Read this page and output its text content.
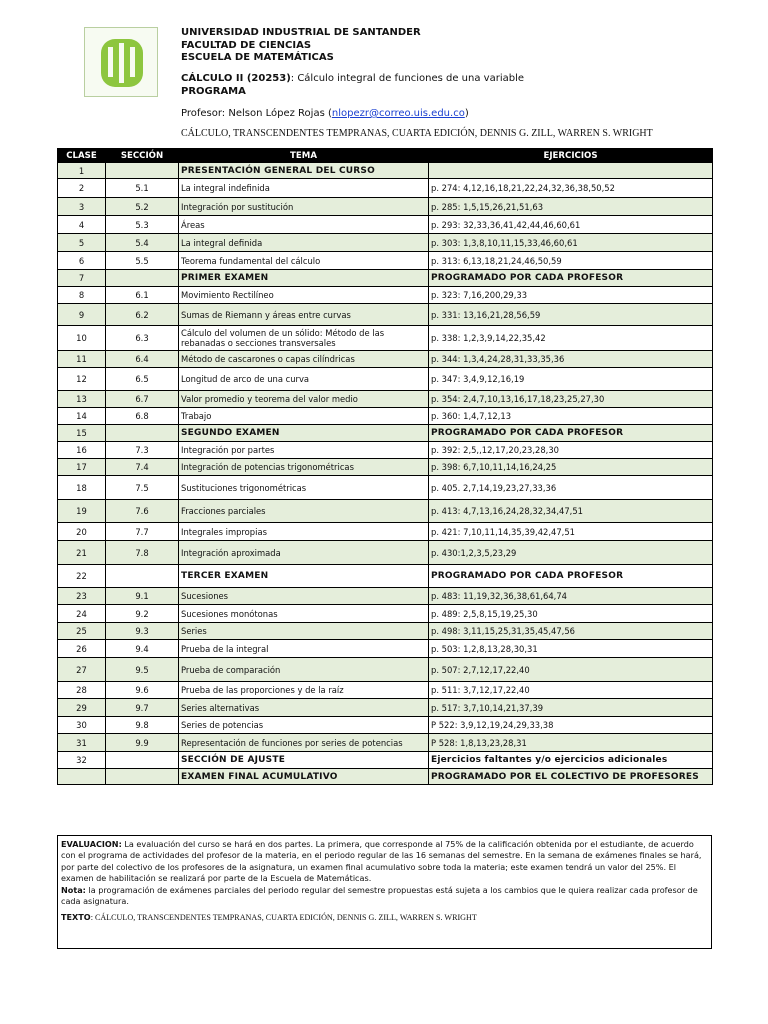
UNIVERSIDAD INDUSTRIAL DE SANTANDER
FACULTAD DE CIENCIAS
ESCUELA DE MATEMÁTICAS
CÁLCULO II (20253): Cálculo integral de funciones de una variable
PROGRAMA
Profesor: Nelson López Rojas (nlopezr@correo.uis.edu.co)
CÁLCULO, TRANSCENDENTES TEMPRANAS, CUARTA EDICIÓN, DENNIS G. ZILL, WARREN S. WRIGHT
CLASE	SECCIÓN	TEMA	EJERCICIOS
1		PRESENTACIÓN GENERAL DEL CURSO	
2	5.1	La integral indefinida	p. 274: 4,12,16,18,21,22,24,32,36,38,50,52
3	5.2	Integración por sustitución	p. 285: 1,5,15,26,21,51,63
4	5.3	Áreas	p. 293: 32,33,36,41,42,44,46,60,61
5	5.4	La integral definida	p. 303: 1,3,8,10,11,15,33,46,60,61
6	5.5	Teorema fundamental del cálculo	p. 313: 6,13,18,21,24,46,50,59
7		PRIMER EXAMEN	PROGRAMADO POR CADA PROFESOR
8	6.1	Movimiento Rectilíneo	p. 323: 7,16,200,29,33
9	6.2	Sumas de Riemann y áreas entre curvas	p. 331: 13,16,21,28,56,59
10	6.3	Cálculo del volumen de un sólido: Método de las rebanadas o secciones transversales	p. 338: 1,2,3,9,14,22,35,42
11	6.4	Método de cascarones o capas cilíndricas	p. 344: 1,3,4,24,28,31,33,35,36
12	6.5	Longitud de arco de una curva	p. 347: 3,4,9,12,16,19
13	6.7	Valor promedio y teorema del valor medio	p. 354: 2,4,7,10,13,16,17,18,23,25,27,30
14	6.8	Trabajo	p. 360: 1,4,7,12,13
15		SEGUNDO EXAMEN	PROGRAMADO POR CADA PROFESOR
16	7.3	Integración por partes	p. 392: 2,5,,12,17,20,23,28,30
17	7.4	Integración de potencias trigonométricas	p. 398: 6,7,10,11,14,16,24,25
18	7.5	Sustituciones trigonométricas	p. 405. 2,7,14,19,23,27,33,36
19	7.6	Fracciones parciales	p. 413: 4,7,13,16,24,28,32,34,47,51
20	7.7	Integrales impropias	p. 421: 7,10,11,14,35,39,42,47,51
21	7.8	Integración aproximada	p. 430:1,2,3,5,23,29
22		TERCER EXAMEN	PROGRAMADO POR CADA PROFESOR
23	9.1	Sucesiones	p. 483: 11,19,32,36,38,61,64,74
24	9.2	Sucesiones monótonas	p. 489: 2,5,8,15,19,25,30
25	9.3	Series	p. 498: 3,11,15,25,31,35,45,47,56
26	9.4	Prueba de la integral	p. 503: 1,2,8,13,28,30,31
27	9.5	Prueba de comparación	p. 507: 2,7,12,17,22,40
28	9.6	Prueba de las proporciones y de la raíz	p. 511: 3,7,12,17,22,40
29	9.7	Series alternativas	p. 517: 3,7,10,14,21,37,39
30	9.8	Series de potencias	P 522: 3,9,12,19,24,29,33,38
31	9.9	Representación de funciones por series de potencias	P 528: 1,8,13,23,28,31
32		SECCIÓN DE AJUSTE	Ejercicios faltantes y/o ejercicios adicionales
		EXAMEN FINAL ACUMULATIVO	PROGRAMADO POR EL COLECTIVO DE PROFESORES

EVALUACION: La evaluación del curso se hará en dos partes. La primera, que corresponde al 75% de la calificación obtenida por el estudiante, de acuerdo con el programa de actividades del profesor de la materia, en el periodo regular de las 16 semanas del semestre. En la semana de exámenes finales se hará, por parte del colectivo de los profesores de la asignatura, un examen final acumulativo sobre toda la materia; este examen tendrá un valor del 25%. El examen de habilitación se realizará por parte de la Escuela de Matemáticas.

Nota: la programación de exámenes parciales del periodo regular del semestre propuestas está sujeta a los cambios que le quiera realizar cada profesor de cada asignatura.

TEXTO: CÁLCULO, TRANSCENDENTES TEMPRANAS, CUARTA EDICIÓN, DENNIS G. ZILL, WARREN S. WRIGHT
